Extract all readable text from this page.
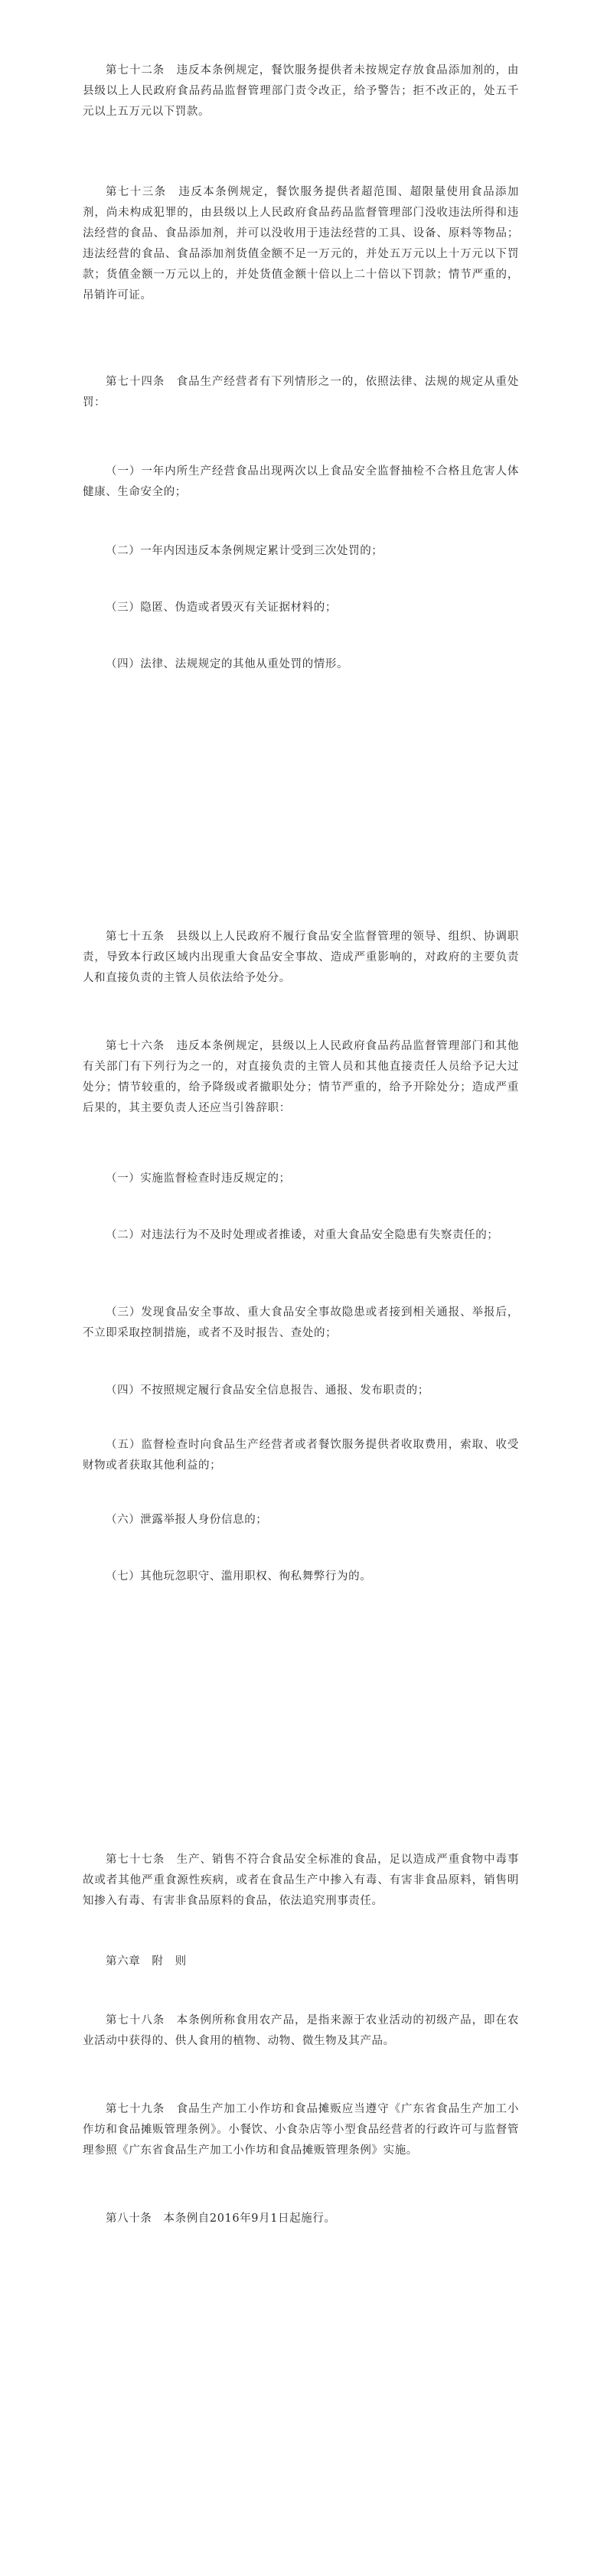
第七十二条　违反本条例规定，餐饮服务提供者未按规定存放食品添加剂的，由县级以上人民政府食品药品监督管理部门责令改正，给予警告；拒不改正的，处五千元以上五万元以下罚款。

第七十三条　违反本条例规定，餐饮服务提供者超范围、超限量使用食品添加剂，尚未构成犯罪的，由县级以上人民政府食品药品监督管理部门没收违法所得和违法经营的食品、食品添加剂，并可以没收用于违法经营的工具、设备、原料等物品；违法经营的食品、食品添加剂货值金额不足一万元的，并处五万元以上十万元以下罚款；货值金额一万元以上的，并处货值金额十倍以上二十倍以下罚款；情节严重的，吊销许可证。

第七十四条　食品生产经营者有下列情形之一的，依照法律、法规的规定从重处罚：

（一）一年内所生产经营食品出现两次以上食品安全监督抽检不合格且危害人体健康、生命安全的；

（二）一年内因违反本条例规定累计受到三次处罚的；

（三）隐匿、伪造或者毁灭有关证据材料的；

（四）法律、法规规定的其他从重处罚的情形。

第七十五条　县级以上人民政府不履行食品安全监督管理的领导、组织、协调职责，导致本行政区域内出现重大食品安全事故、造成严重影响的，对政府的主要负责人和直接负责的主管人员依法给予处分。

第七十六条　违反本条例规定，县级以上人民政府食品药品监督管理部门和其他有关部门有下列行为之一的，对直接负责的主管人员和其他直接责任人员给予记大过处分；情节较重的，给予降级或者撤职处分；情节严重的，给予开除处分；造成严重后果的，其主要负责人还应当引咎辞职：

（一）实施监督检查时违反规定的；

（二）对违法行为不及时处理或者推诿，对重大食品安全隐患有失察责任的；

（三）发现食品安全事故、重大食品安全事故隐患或者接到相关通报、举报后，不立即采取控制措施，或者不及时报告、查处的；

（四）不按照规定履行食品安全信息报告、通报、发布职责的；

（五）监督检查时向食品生产经营者或者餐饮服务提供者收取费用，索取、收受财物或者获取其他利益的；

（六）泄露举报人身份信息的；

（七）其他玩忽职守、滥用职权、徇私舞弊行为的。

第七十七条　生产、销售不符合食品安全标准的食品，足以造成严重食物中毒事故或者其他严重食源性疾病，或者在食品生产中掺入有毒、有害非食品原料，销售明知掺入有毒、有害非食品原料的食品，依法追究刑事责任。

第六章　附　则

第七十八条　本条例所称食用农产品，是指来源于农业活动的初级产品，即在农业活动中获得的、供人食用的植物、动物、微生物及其产品。

第七十九条　食品生产加工小作坊和食品摊贩应当遵守《广东省食品生产加工小作坊和食品摊贩管理条例》。小餐饮、小食杂店等小型食品经营者的行政许可与监督管理参照《广东省食品生产加工小作坊和食品摊贩管理条例》实施。

第八十条　本条例自2016年9月1日起施行。
